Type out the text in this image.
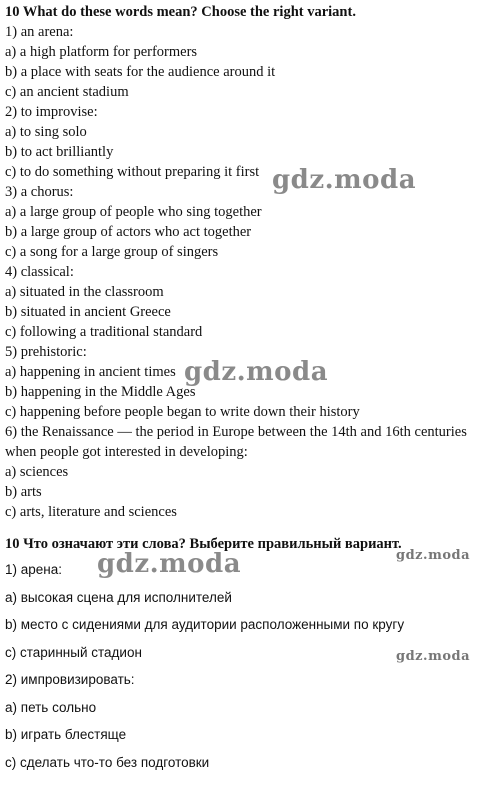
10 What do these words mean? Choose the right variant.
1) an arena:
a) a high platform for performers
b) a place with seats for the audience around it
c) an ancient stadium
2) to improvise:
a) to sing solo
b) to act brilliantly
c) to do something without preparing it first
3) a chorus:
a) a large group of people who sing together
b) a large group of actors who act together
c) a song for a large group of singers
4) classical:
a) situated in the classroom
b) situated in ancient Greece
c) following a traditional standard
5) prehistoric:
a) happening in ancient times
b) happening in the Middle Ages
c) happening before people began to write down their history
6) the Renaissance — the period in Europe between the 14th and 16th centuries
when people got interested in developing:
a) sciences
b) arts
c) arts, literature and sciences
10 Что означают эти слова? Выберите правильный вариант.
1) арена:
а) высокая сцена для исполнителей
b) место с сидениями для аудитории расположенными по кругу
с) старинный стадион
2) импровизировать:
а) петь сольно
b) играть блестяще
с) сделать что-то без подготовки
gdz.moda
gdz.moda
gdz.moda	gdz.moda
gdz.moda
